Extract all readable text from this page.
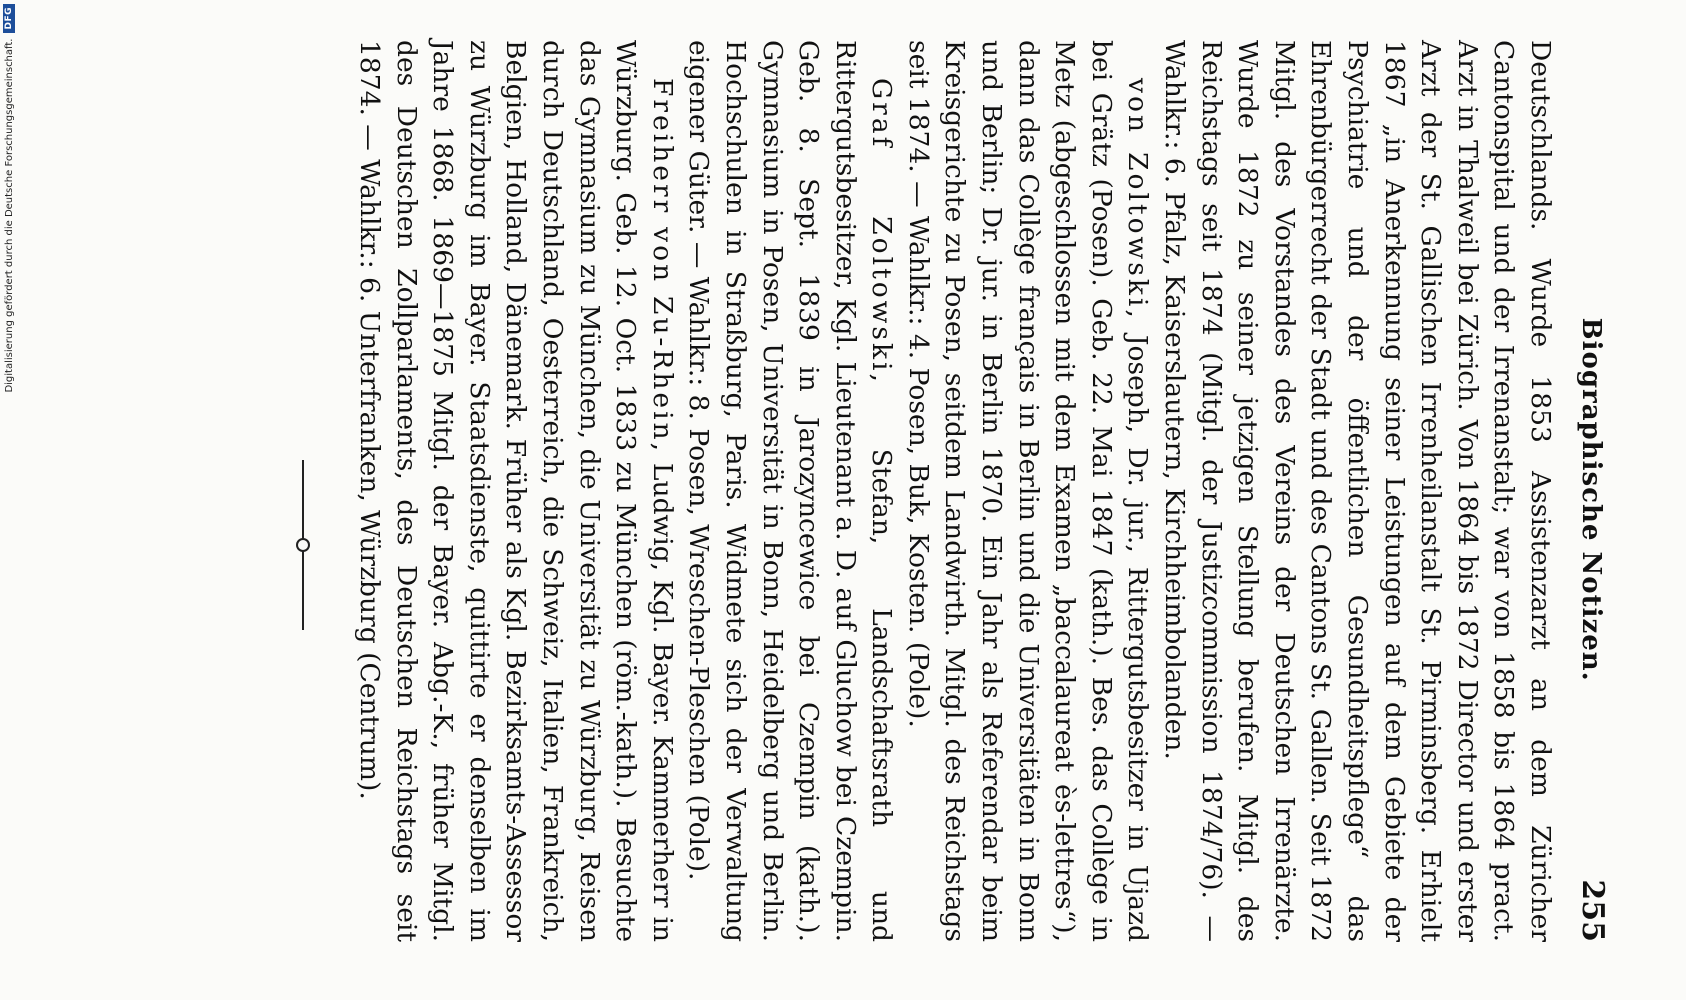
Biographische Notizen.
255

Deutschlands. Wurde 1853 Assistenzarzt an dem Züricher Cantonspital und der Irrenanstalt; war von 1858 bis 1864 pract. Arzt in Thalweil bei Zürich. Von 1864 bis 1872 Director und erster Arzt der St. Gallischen Irrenheilanstalt St. Pirminsberg. Erhielt 1867 „in Anerkennung seiner Leistungen auf dem Gebiete der Psychiatrie und der öffentlichen Gesundheitspflege“ das Ehrenbürgerrecht der Stadt und des Cantons St. Gallen. Seit 1872 Mitgl. des Vorstandes des Vereins der Deutschen Irrenärzte. Wurde 1872 zu seiner jetzigen Stellung berufen. Mitgl. des Reichstags seit 1874 (Mitgl. der Justizcommission 1874/76). — Wahlkr.: 6. Pfalz, Kaiserslautern, Kirchheimbolanden.

von Zoltowski, Joseph, Dr. jur., Rittergutsbesitzer in Ujazd bei Grätz (Posen). Geb. 22. Mai 1847 (kath.). Bes. das Collège in Metz (abgeschlossen mit dem Examen „baccalaureat ès-lettres“), dann das Collège français in Berlin und die Universitäten in Bonn und Berlin; Dr. jur. in Berlin 1870. Ein Jahr als Referendar beim Kreisgerichte zu Posen, seitdem Landwirth. Mitgl. des Reichstags seit 1874. — Wahlkr.: 4. Posen, Buk, Kosten. (Pole).

Graf Zoltowski, Stefan, Landschaftsrath und Rittergutsbesitzer, Kgl. Lieutenant a. D. auf Gluchow bei Czempin. Geb. 8. Sept. 1839 in Jarozyncewice bei Czempin (kath.). Gymnasium in Posen, Universität in Bonn, Heidelberg und Berlin. Hochschulen in Straßburg, Paris. Widmete sich der Verwaltung eigener Güter. — Wahlkr.: 8. Posen, Wreschen-Pleschen (Pole).

Freiherr von Zu-Rhein, Ludwig, Kgl. Bayer. Kammerherr in Würzburg. Geb. 12. Oct. 1833 zu München (röm.-kath.). Besuchte das Gymnasium zu München, die Universität zu Würzburg, Reisen durch Deutschland, Oesterreich, die Schweiz, Italien, Frankreich, Belgien, Holland, Dänemark. Früher als Kgl. Bezirksamts-Assessor zu Würzburg im Bayer. Staatsdienste, quittirte er denselben im Jahre 1868. 1869—1875 Mitgl. der Bayer. Abg.-K., früher Mitgl. des Deutschen Zollparlaments, des Deutschen Reichstags seit 1874. — Wahlkr.: 6. Unterfranken, Würzburg (Centrum).

Digitalisierung gefördert durch die Deutsche Forschungsgemeinschaft.
DFG
